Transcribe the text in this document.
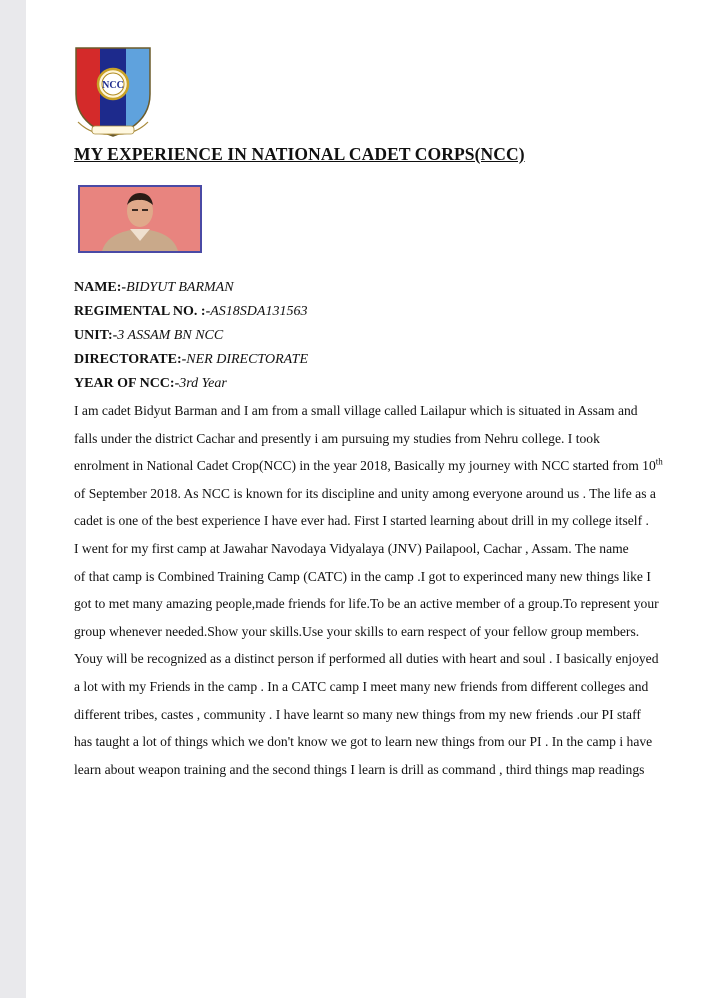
NCC
MY EXPERIENCE IN NATIONAL CADET CORPS(NCC)
NAME:-BIDYUT BARMAN
REGIMENTAL NO. :-AS18SDA131563
UNIT:-3 ASSAM BN NCC
DIRECTORATE:-NER DIRECTORATE
YEAR OF NCC:-3rd Year
I am cadet Bidyut Barman and I am from a small village called Lailapur which is situated in Assam and
falls under the district Cachar and presently i am pursuing my studies from Nehru college. I took
enrolment in National Cadet Crop(NCC) in the year 2018, Basically my journey with NCC started from 10th
of September 2018. As NCC is known for its discipline and unity among everyone around us . The life as a
cadet is one of the best experience I have ever had. First I started learning about drill in my college itself .
I went for my first camp at Jawahar Navodaya Vidyalaya (JNV) Pailapool, Cachar , Assam. The name
of that camp is Combined Training Camp (CATC) in the camp .I got to experinced many new things like I
got to met many amazing people,made friends for life.To be an active member of a group.To represent your
group whenever needed.Show your skills.Use your skills to earn respect of your fellow group members.
Youy will be recognized as a distinct person if performed all duties with heart and soul . I basically enjoyed
a lot with my Friends in the camp . In a CATC camp I meet many new friends from different colleges and
different tribes, castes , community . I have learnt so many new things from my new friends .our PI staff
has taught a lot of things which we don't know we got to learn new things from our PI . In the camp i have
learn about weapon training and the second things I learn is drill as command , third things map readings
